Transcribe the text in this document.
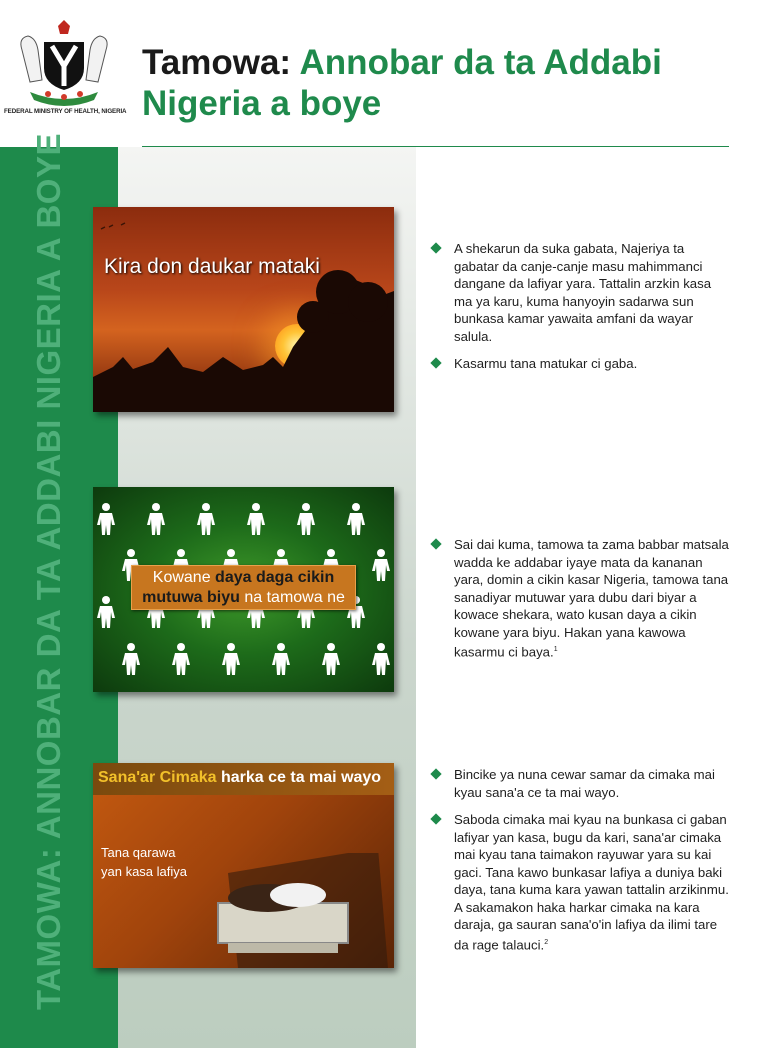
FEDERAL MINISTRY OF HEALTH, NIGERIA
Tamowa: Annobar da ta Addabi
Nigeria a boye
TAMOWA: ANNOBAR DA TA ADDABI NIGERIA A BOYE Kira don daukar mataki
Kowane daya daga cikin
mutuwa biyu na tamowa ne
Sana'ar Cimaka harka ce ta mai wayo
Tana qarawa
yan kasa lafiya
A shekarun da suka gabata, Najeriya ta gabatar da canje-canje masu mahimmanci dangane da lafiyar yara. Tattalin arzkin kasa ma ya karu, kuma hanyoyin sadarwa sun bunkasa kamar yawaita amfani da wayar salula.
Kasarmu tana matukar ci gaba.
Sai dai kuma, tamowa ta zama babbar matsala wadda ke addabar iyaye mata da kananan yara, domin a cikin kasar Nigeria, tamowa tana sanadiyar mutuwar yara dubu dari biyar a kowace shekara, wato kusan daya a cikin kowane yara biyu. Hakan yana kawowa kasarmu ci baya.$^1$
Bincike ya nuna cewar samar da cimaka mai kyau sana'a ce ta mai wayo.
Saboda cimaka mai kyau na bunkasa ci gaban lafiyar yan kasa, bugu da kari, sana'ar cimaka mai kyau tana taimakon rayuwar yara su kai gaci. Tana kawo bunkasar lafiya a duniya baki daya, tana kuma kara yawan tattalin arzikinmu. A sakamakon haka harkar cimaka na kara daraja, ga sauran sana'o'in lafiya da ilimi tare da rage talauci.$^2$
